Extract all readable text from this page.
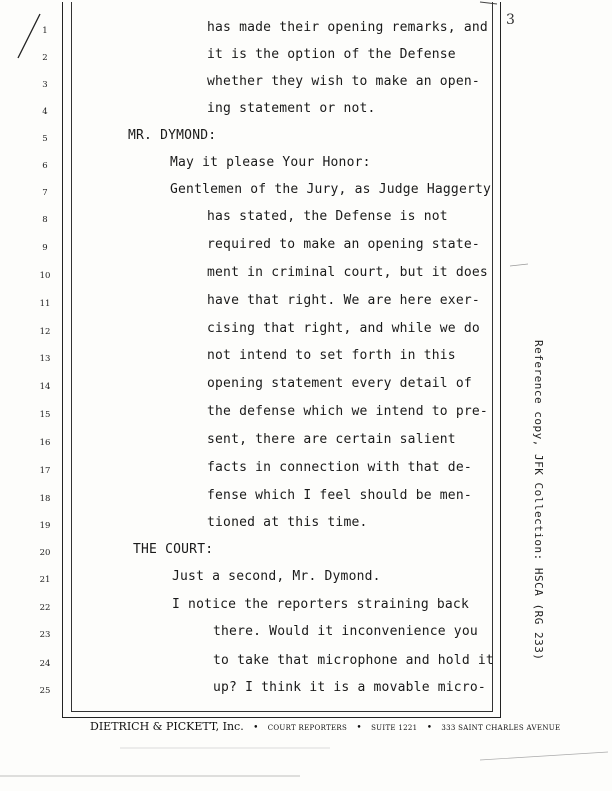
3
1
2
3
4
5
6
7
8
9
10
11
12
13
14
15
16
17
18
19
20
21
22
23
24
25
has made their opening remarks, and
it is the option of the Defense
whether they wish to make an open-
ing statement or not.
MR. DYMOND:
May it please Your Honor:
Gentlemen of the Jury, as Judge Haggerty
has stated, the Defense is not
required to make an opening state-
ment in criminal court, but it does
have that right. We are here exer-
cising that right, and while we do
not intend to set forth in this
opening statement every detail of
the defense which we intend to pre-
sent, there are certain salient
facts in connection with that de-
fense which I feel should be men-
tioned at this time.
THE COURT:
Just a second, Mr. Dymond.
I notice the reporters straining back
there. Would it inconvenience you
to take that microphone and hold it
up? I think it is a movable micro-
Reference copy, JFK Collection: HSCA (RG 233)
DIETRICH & PICKETT, Inc. • COURT REPORTERS • SUITE 1221 • 333 SAINT CHARLES AVENUE
